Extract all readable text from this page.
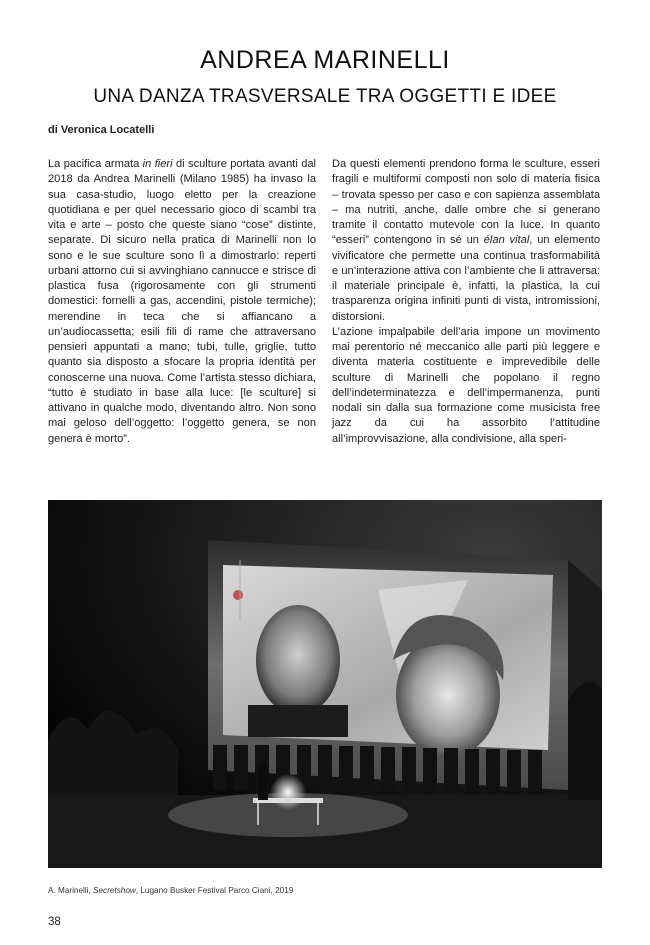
ANDREA MARINELLI
UNA DANZA TRASVERSALE TRA OGGETTI E IDEE
di Veronica Locatelli

La pacifica armata in fieri di sculture portata avanti dal 2018 da Andrea Marinelli (Milano 1985) ha invaso la sua casa-studio, luogo eletto per la creazione quotidiana e per quel necessario gioco di scambi tra vita e arte – posto che queste siano “cose” distinte, separate. Di sicuro nella pratica di Marinelli non lo sono e le sue sculture sono lì a dimostrarlo: reperti urbani attorno cui si avvinghiano cannucce e strisce di plastica fusa (rigorosamente con gli strumenti domestici: fornelli a gas, accendini, pistole termiche); merendine in teca che si affiancano a un’audiocassetta; esili fili di rame che attraversano pensieri appuntati a mano; tubi, tulle, griglie, tutto quanto sia disposto a sfocare la propria identità per conoscerne una nuova. Come l’artista stesso dichiara, “tutto è studiato in base alla luce: [le sculture] si attivano in qualche modo, diventando altro. Non sono mai geloso dell’oggetto: l’oggetto genera, se non genera è morto”.

Da questi elementi prendono forma le sculture, esseri fragili e multiformi composti non solo di materia fisica – trovata spesso per caso e con sapienza assemblata – ma nutriti, anche, dalle ombre che si generano tramite il contatto mutevole con la luce. In quanto “esseri” contengono in sé un élan vital, un elemento vivificatore che permette una continua trasformabilità e un’interazione attiva con l’ambiente che li attraversa: il materiale principale è, infatti, la plastica, la cui trasparenza origina infiniti punti di vista, intromissioni, distorsioni.

L’azione impalpabile dell’aria impone un movimento mai perentorio né meccanico alle parti più leggere e diventa materia costituente e imprevedibile delle sculture di Marinelli che popolano il regno dell’indeterminatezza e dell’impermanenza, punti nodali sin dalla sua formazione come musicista free jazz da cui ha assorbito l’attitudine all’improvvisazione, alla condivisione, alla speri-

A. Marinelli, Secretshow, Lugano Busker Festival Parco Ciani, 2019
38
